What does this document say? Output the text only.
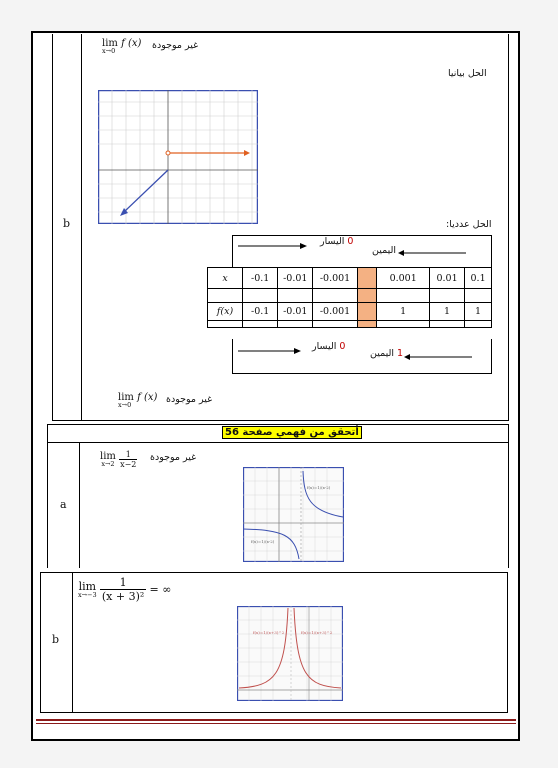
lim f (x)
x→0	غير موجودة
الحل بيانيا
b	الحل عدديا:
0 اليسار
اليمين
x	-0.1	-0.01	-0.001		0.001	0.01	0.1

f(x)	-0.1	-0.01	-0.001		1	1	1

0 اليسار
1 اليمين
lim f (x)
x→0	غير موجودة
أتحقق من فهمي صفحة 56
lim
x→2
$\frac{1}{x-2}$ غير موجودة
a
f(x)=1/(x-2)
f(x)=1/(x-2)
lim
x→−3
$\frac{1}{\text{(x + 3)²}}$ = ∞
b
f(x)=1/(x+3)^2	f(x)=1/(x+3)^2
